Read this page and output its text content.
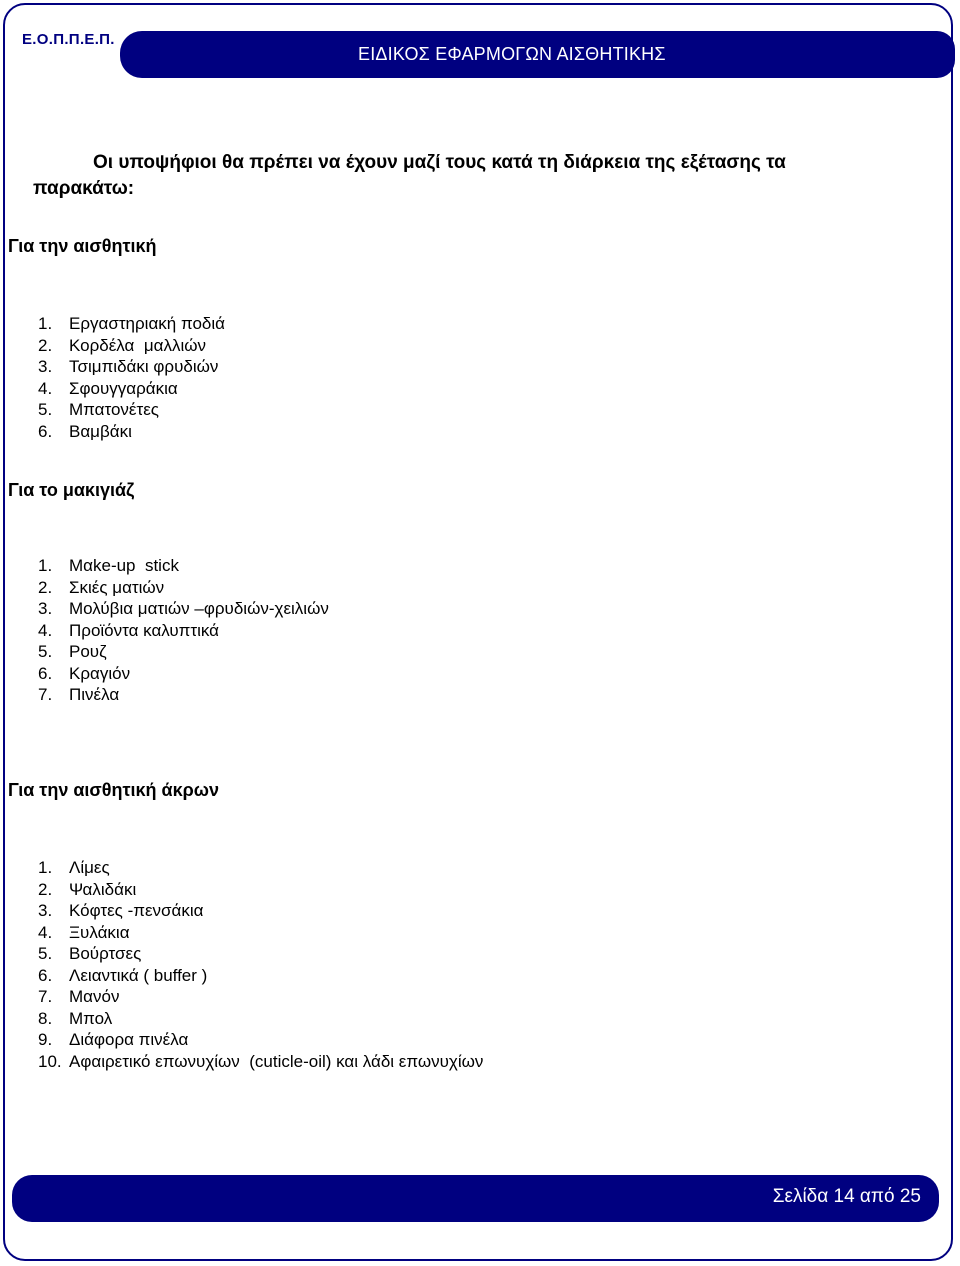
Ε.Ο.Π.Π.Ε.Π.
ΕΙΔΙΚΟΣ ΕΦΑΡΜΟΓΩΝ ΑΙΣΘΗΤΙΚΗΣ
Οι υποψήφιοι θα πρέπει να έχουν μαζί τους κατά τη διάρκεια της εξέτασης τα παρακάτω:
Για την αισθητική
1. Εργαστηριακή ποδιά
2. Κορδέλα  μαλλιών
3. Τσιμπιδάκι φρυδιών
4. Σφουγγαράκια
5. Μπατονέτες
6. Βαμβάκι
Για το μακιγιάζ
1. Mαke-up  stick
2. Σκιές ματιών
3. Μολύβια ματιών –φρυδιών-χειλιών
4. Προϊόντα καλυπτικά
5. Ρουζ
6. Κραγιόν
7. Πινέλα
Για την αισθητική άκρων
1. Λίμες
2. Ψαλιδάκι
3. Κόφτες -πενσάκια
4. Ξυλάκια
5. Βούρτσες
6. Λειαντικά ( buffer )
7. Μανόν
8. Μπολ
9. Διάφορα πινέλα
10. Αφαιρετικό επωνυχίων  (cuticle-oil) και λάδι επωνυχίων
Σελίδα 14 από 25
